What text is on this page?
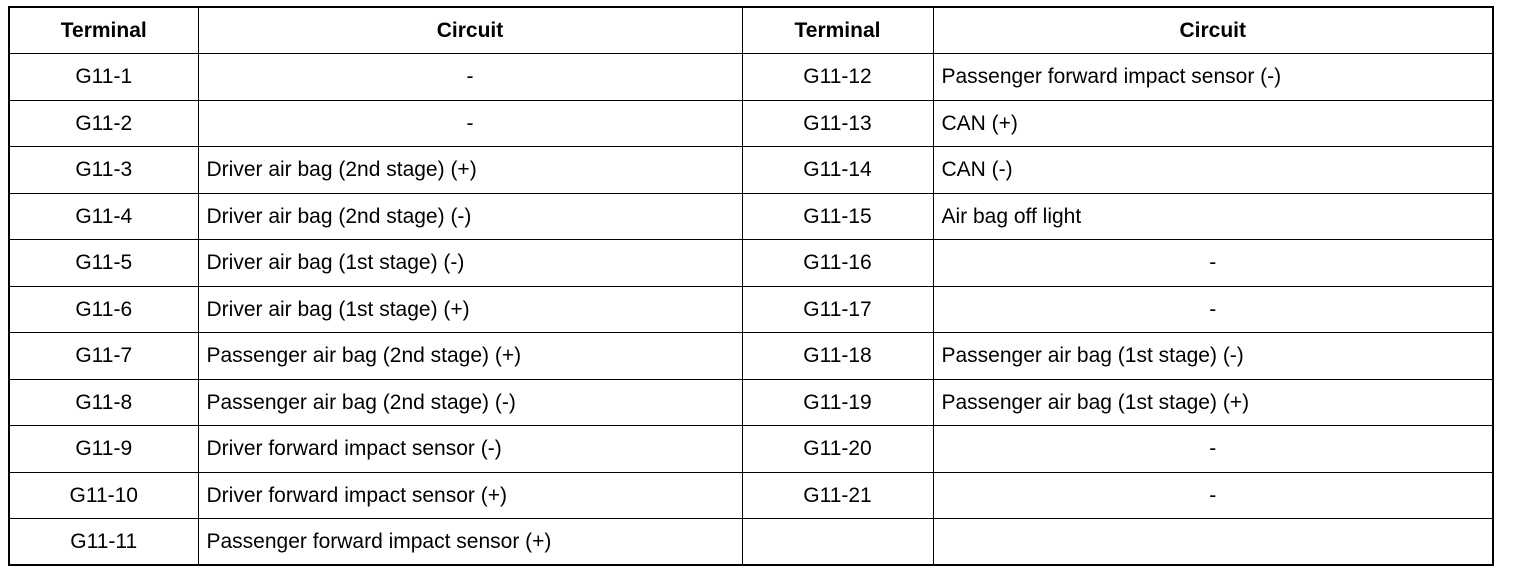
Terminal	Circuit	Terminal	Circuit
G11-1	-	G11-12	Passenger forward impact sensor (-)
G11-2	-	G11-13	CAN (+)
G11-3	Driver air bag (2nd stage) (+)	G11-14	CAN (-)
G11-4	Driver air bag (2nd stage) (-)	G11-15	Air bag off light
G11-5	Driver air bag (1st stage) (-)	G11-16	-
G11-6	Driver air bag (1st stage) (+)	G11-17	-
G11-7	Passenger air bag (2nd stage) (+)	G11-18	Passenger air bag (1st stage) (-)
G11-8	Passenger air bag (2nd stage) (-)	G11-19	Passenger air bag (1st stage) (+)
G11-9	Driver forward impact sensor (-)	G11-20	-
G11-10	Driver forward impact sensor (+)	G11-21	-
G11-11	Passenger forward impact sensor (+)		
